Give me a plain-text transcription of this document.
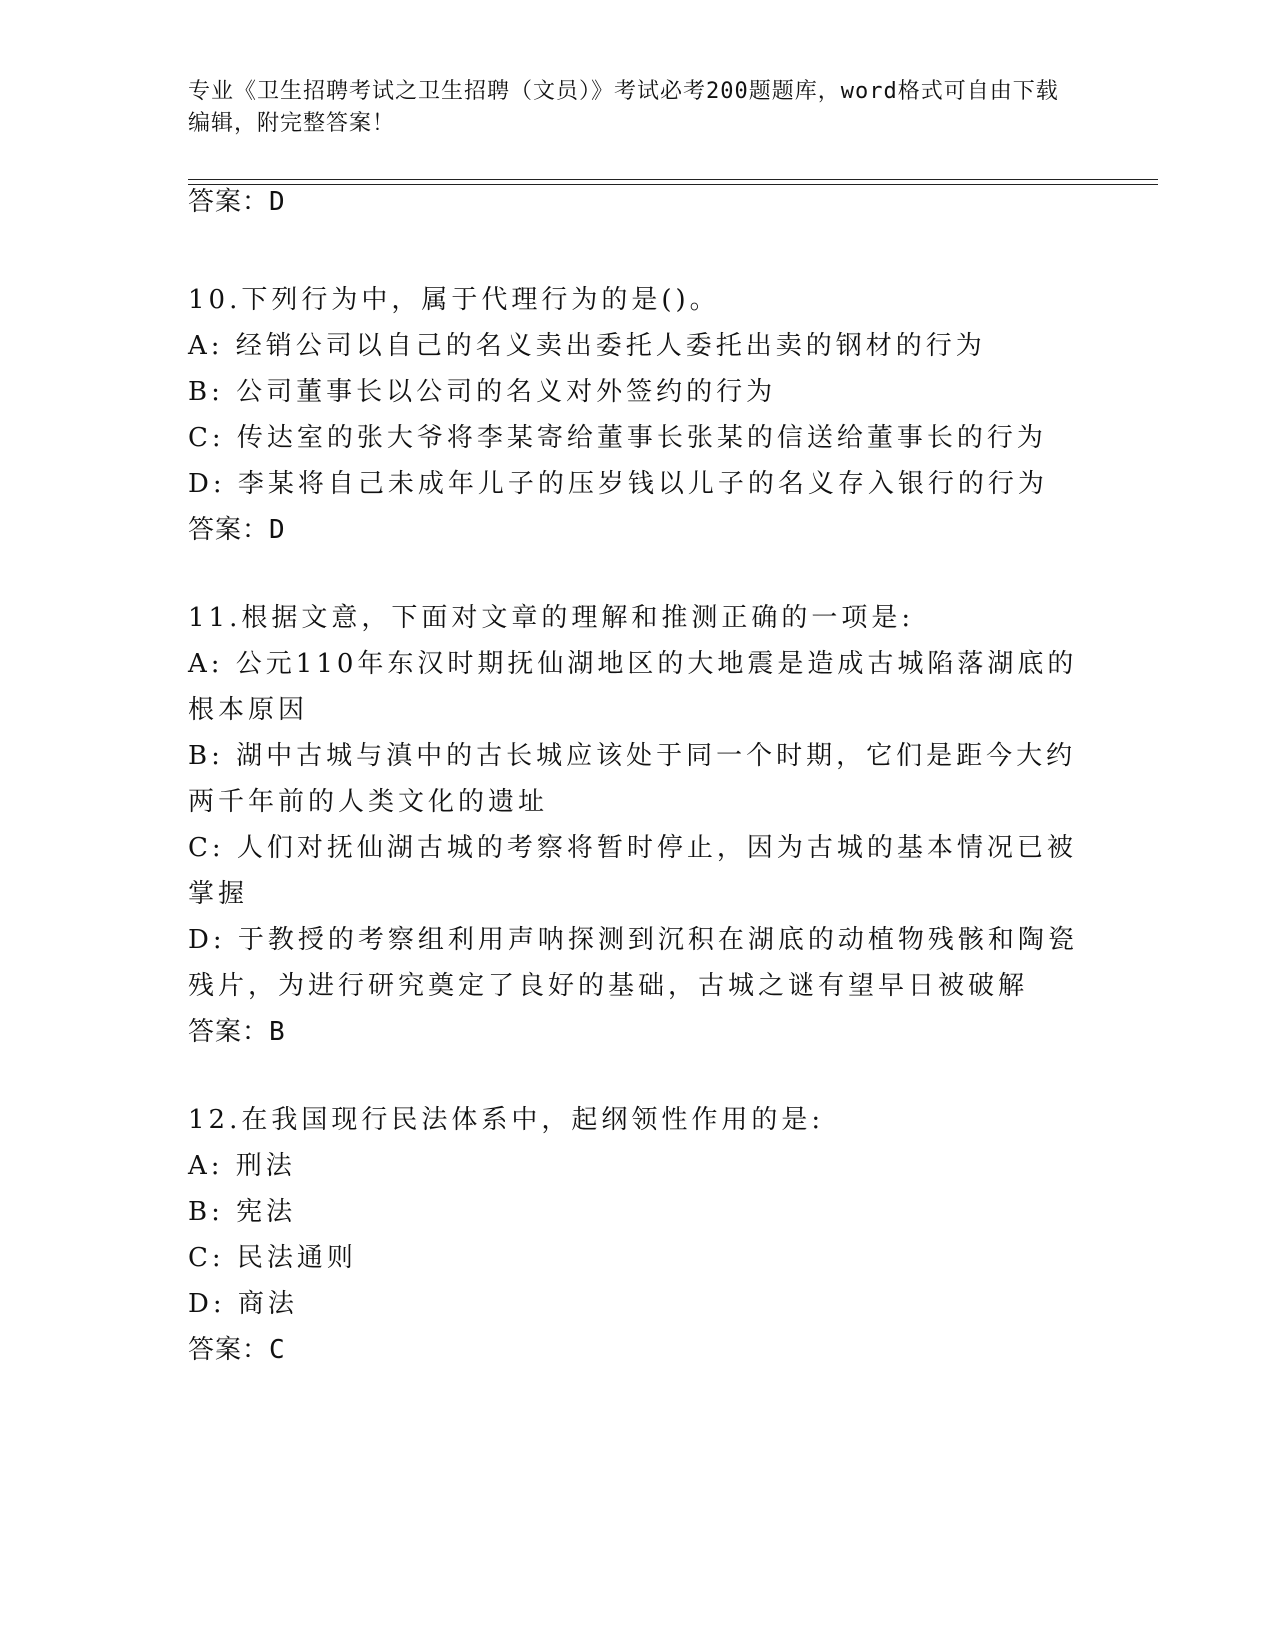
专业《卫生招聘考试之卫生招聘（文员）》考试必考200题题库，word格式可自由下载编辑，附完整答案！
答案：D
10.下列行为中，属于代理行为的是()。
A: 经销公司以自己的名义卖出委托人委托出卖的钢材的行为
B: 公司董事长以公司的名义对外签约的行为
C: 传达室的张大爷将李某寄给董事长张某的信送给董事长的行为
D: 李某将自己未成年儿子的压岁钱以儿子的名义存入银行的行为
答案：D
11.根据文意，下面对文章的理解和推测正确的一项是:
A: 公元110年东汉时期抚仙湖地区的大地震是造成古城陷落湖底的根本原因
B: 湖中古城与滇中的古长城应该处于同一个时期，它们是距今大约两千年前的人类文化的遗址
C: 人们对抚仙湖古城的考察将暂时停止，因为古城的基本情况已被掌握
D: 于教授的考察组利用声呐探测到沉积在湖底的动植物残骸和陶瓷残片，为进行研究奠定了良好的基础，古城之谜有望早日被破解
答案：B
12.在我国现行民法体系中，起纲领性作用的是:
A: 刑法
B: 宪法
C: 民法通则
D: 商法
答案：C
